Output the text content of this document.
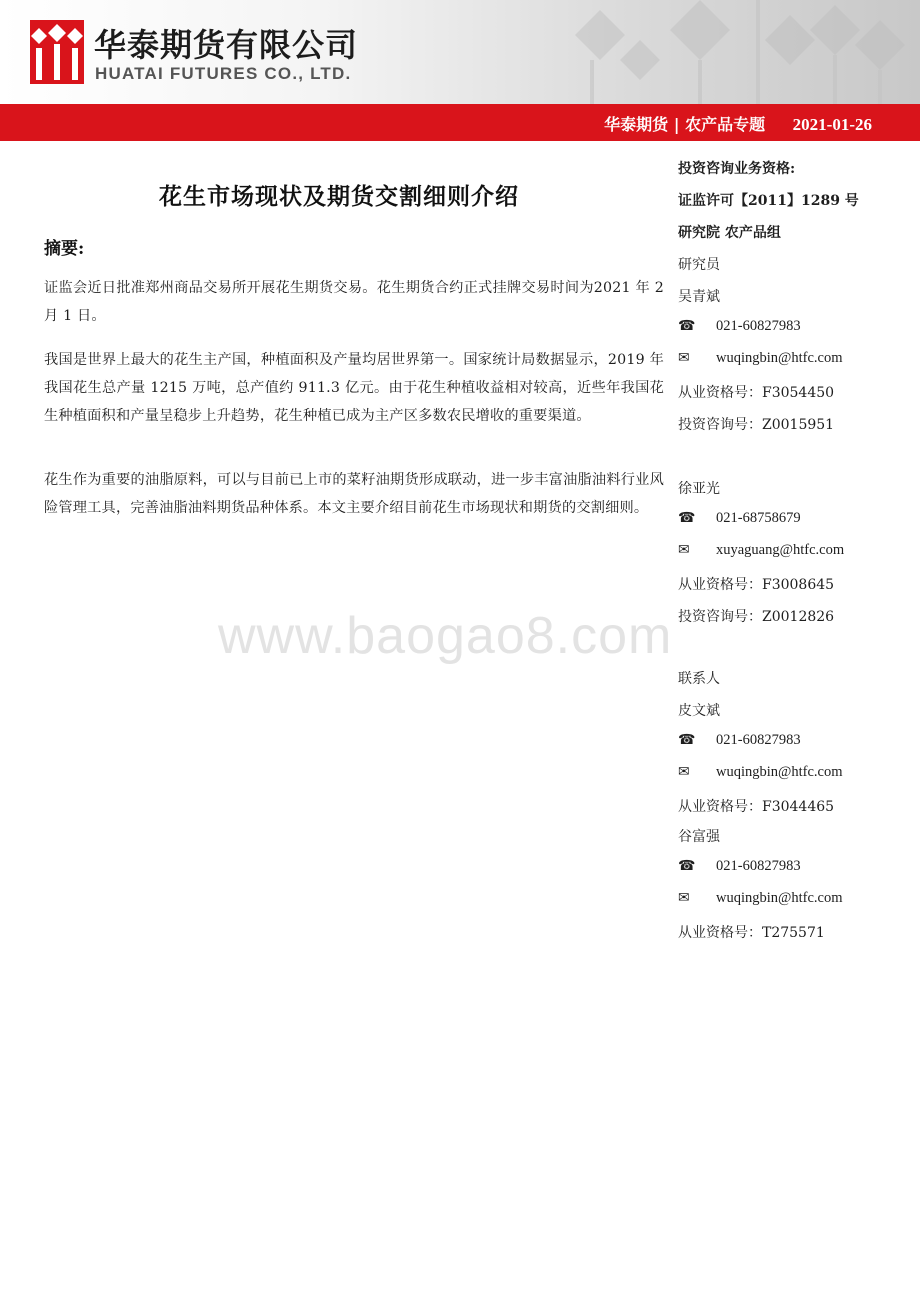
华泰期货有限公司
HUATAI FUTURES CO., LTD.
华泰期货 | 农产品专题 2021-01-26
花生市场现状及期货交割细则介绍
摘要:

证监会近日批准郑州商品交易所开展花生期货交易。花生期货合约正式挂牌交易时间为2021 年 2 月 1 日。

我国是世界上最大的花生主产国，种植面积及产量均居世界第一。国家统计局数据显示，2019 年我国花生总产量 1215 万吨，总产值约 911.3 亿元。由于花生种植收益相对较高，近些年我国花生种植面积和产量呈稳步上升趋势，花生种植已成为主产区多数农民增收的重要渠道。

花生作为重要的油脂原料，可以与目前已上市的菜籽油期货形成联动，进一步丰富油脂油料行业风险管理工具，完善油脂油料期货品种体系。本文主要介绍目前花生市场现状和期货的交割细则。

www.baogao8.com
投资咨询业务资格:
证监许可【2011】1289 号
研究院 农产品组
研究员
吴青斌
☎ 021-60827983
✉ wuqingbin@htfc.com
从业资格号：F3054450
投资咨询号：Z0015951
徐亚光
☎ 021-68758679
✉ xuyaguang@htfc.com
从业资格号：F3008645
投资咨询号：Z0012826
联系人
皮文斌
☎ 021-60827983
✉ wuqingbin@htfc.com
从业资格号：F3044465
谷富强
☎ 021-60827983
✉ wuqingbin@htfc.com
从业资格号：T275571
